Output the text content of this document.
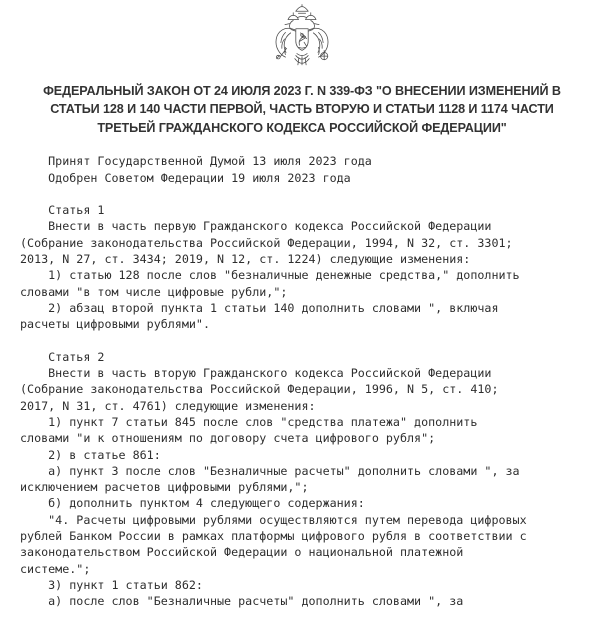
ФЕДЕРАЛЬНЫЙ ЗАКОН ОТ 24 ИЮЛЯ 2023 Г. N 339-ФЗ "О ВНЕСЕНИИ ИЗМЕНЕНИЙ В
СТАТЬИ 128 И 140 ЧАСТИ ПЕРВОЙ, ЧАСТЬ ВТОРУЮ И СТАТЬИ 1128 И 1174 ЧАСТИ
ТРЕТЬЕЙ ГРАЖДАНСКОГО КОДЕКСА РОССИЙСКОЙ ФЕДЕРАЦИИ"
Принят Государственной Думой 13 июля 2023 года
Одобрен Советом Федерации 19 июля 2023 года
Статья 1
Внести в часть первую Гражданского кодекса Российской Федерации
(Собрание законодательства Российской Федерации, 1994, N 32, ст. 3301;
2013, N 27, ст. 3434; 2019, N 12, ст. 1224) следующие изменения:
1) статью 128 после слов "безналичные денежные средства," дополнить
словами "в том числе цифровые рубли,";
2) абзац второй пункта 1 статьи 140 дополнить словами ", включая
расчеты цифровыми рублями".
Статья 2
Внести в часть вторую Гражданского кодекса Российской Федерации
(Собрание законодательства Российской Федерации, 1996, N 5, ст. 410;
2017, N 31, ст. 4761) следующие изменения:
1) пункт 7 статьи 845 после слов "средства платежа" дополнить
словами "и к отношениям по договору счета цифрового рубля";
2) в статье 861:
а) пункт 3 после слов "Безналичные расчеты" дополнить словами ", за
исключением расчетов цифровыми рублями,";
б) дополнить пунктом 4 следующего содержания:
"4. Расчеты цифровыми рублями осуществляются путем перевода цифровых
рублей Банком России в рамках платформы цифрового рубля в соответствии с
законодательством Российской Федерации о национальной платежной
системе.";
3) пункт 1 статьи 862:
а) после слов "Безналичные расчеты" дополнить словами ", за
